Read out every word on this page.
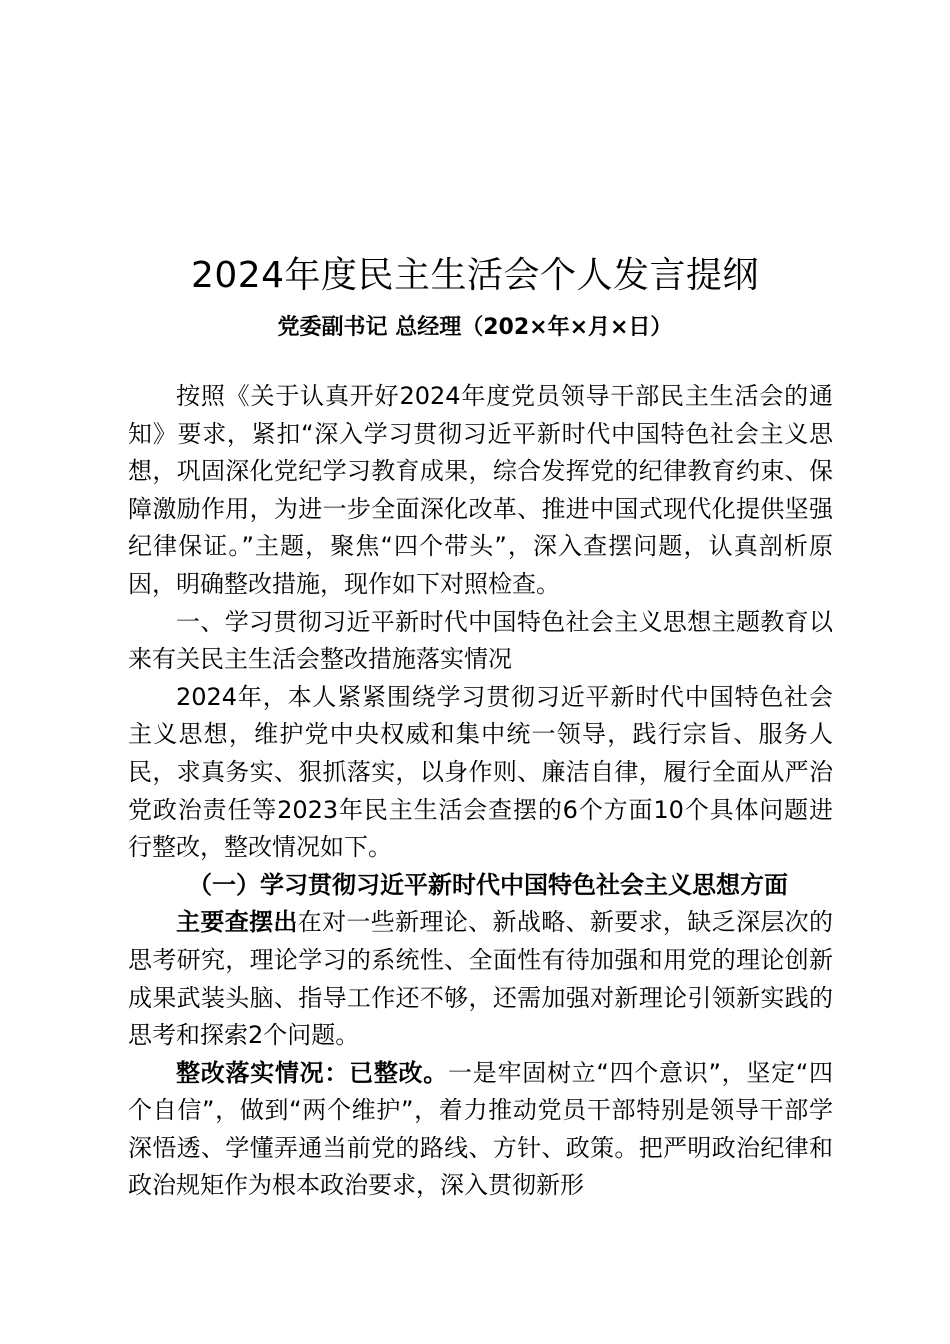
2024年度民主生活会个人发言提纲
党委副书记 总经理（202×年×月×日）

按照《关于认真开好2024年度党员领导干部民主生活会的通知》要求，紧扣“深入学习贯彻习近平新时代中国特色社会主义思想，巩固深化党纪学习教育成果，综合发挥党的纪律教育约束、保障激励作用，为进一步全面深化改革、推进中国式现代化提供坚强纪律保证。”主题，聚焦“四个带头”，深入查摆问题，认真剖析原因，明确整改措施，现作如下对照检查。

一、学习贯彻习近平新时代中国特色社会主义思想主题教育以来有关民主生活会整改措施落实情况

2024年，本人紧紧围绕学习贯彻习近平新时代中国特色社会主义思想，维护党中央权威和集中统一领导，践行宗旨、服务人民，求真务实、狠抓落实，以身作则、廉洁自律，履行全面从严治党政治责任等2023年民主生活会查摆的6个方面10个具体问题进行整改，整改情况如下。

（一）学习贯彻习近平新时代中国特色社会主义思想方面

主要查摆出在对一些新理论、新战略、新要求，缺乏深层次的思考研究，理论学习的系统性、全面性有待加强和用党的理论创新成果武装头脑、指导工作还不够，还需加强对新理论引领新实践的思考和探索2个问题。

整改落实情况：已整改。一是牢固树立“四个意识”，坚定“四个自信”，做到“两个维护”，着力推动党员干部特别是领导干部学深悟透、学懂弄通当前党的路线、方针、政策。把严明政治纪律和政治规矩作为根本政治要求，深入贯彻新形
